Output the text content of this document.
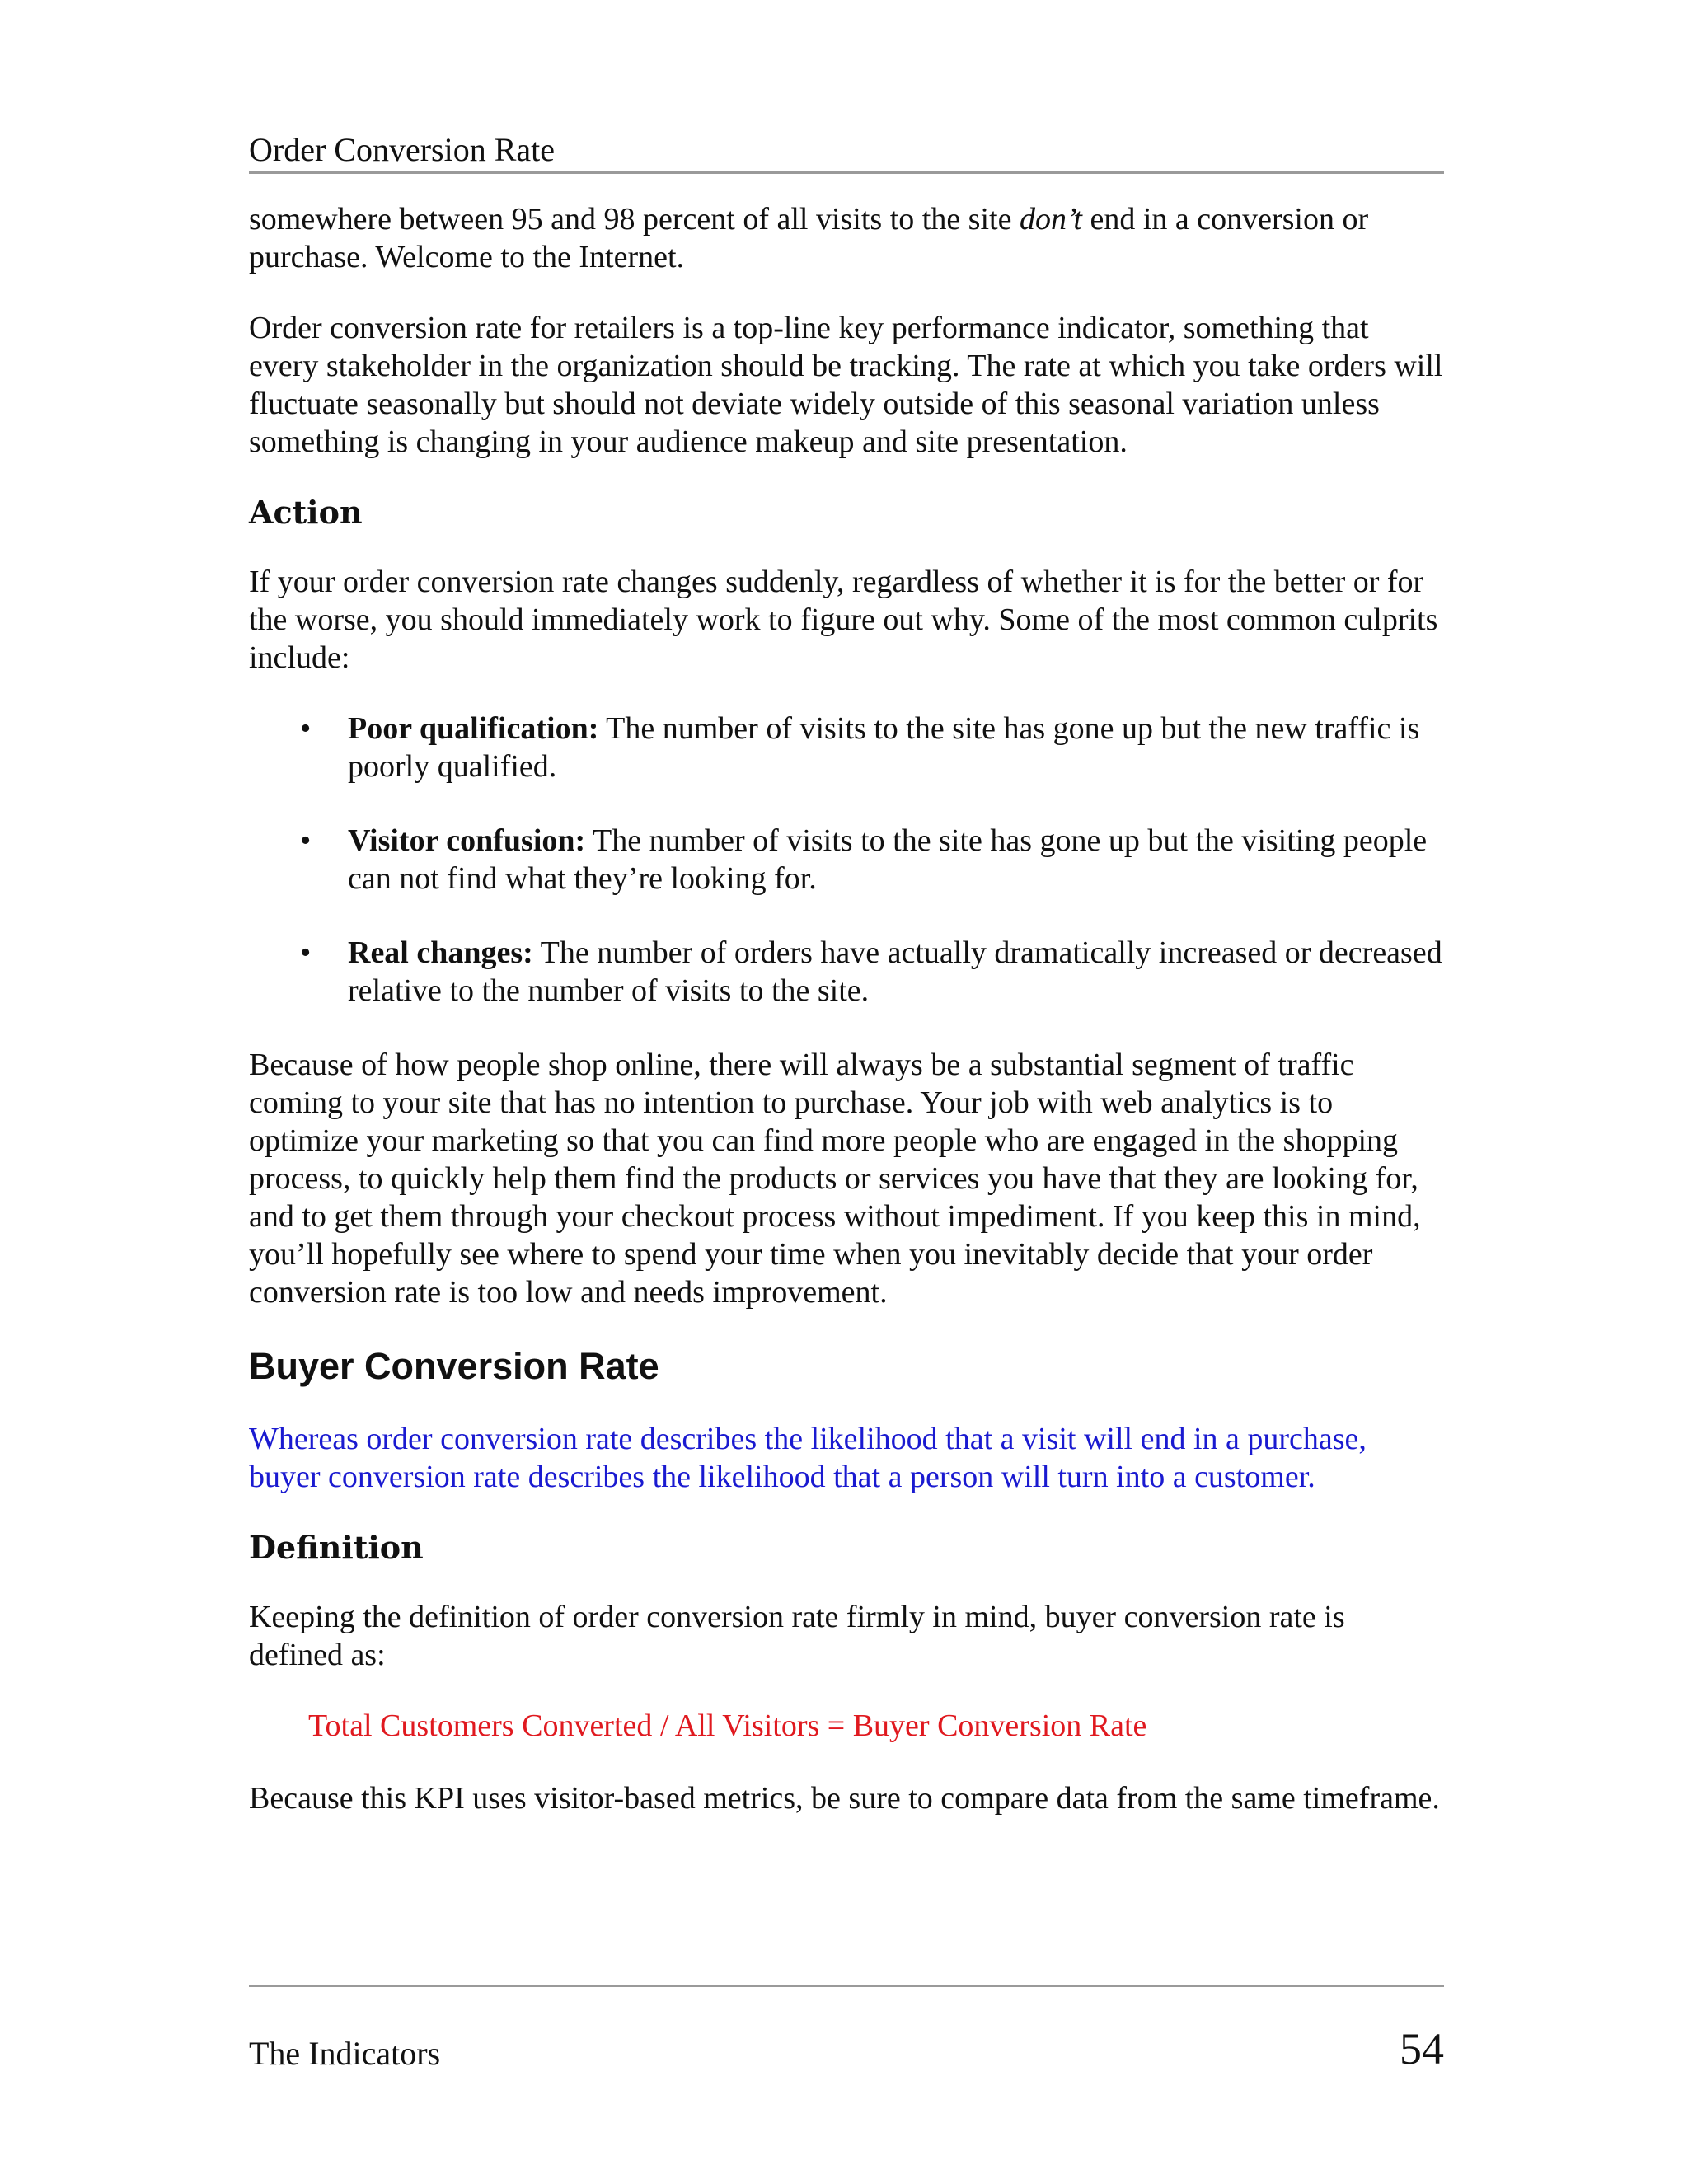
Order Conversion Rate

somewhere between 95 and 98 percent of all visits to the site don’t end in a conversion or purchase. Welcome to the Internet.

Order conversion rate for retailers is a top-line key performance indicator, something that every stakeholder in the organization should be tracking. The rate at which you take orders will fluctuate seasonally but should not deviate widely outside of this seasonal variation unless something is changing in your audience makeup and site presentation.

Action

If your order conversion rate changes suddenly, regardless of whether it is for the better or for the worse, you should immediately work to figure out why. Some of the most common culprits include:

• Poor qualification: The number of visits to the site has gone up but the new traffic is poorly qualified.
• Visitor confusion: The number of visits to the site has gone up but the visiting people can not find what they’re looking for.
• Real changes: The number of orders have actually dramatically increased or decreased relative to the number of visits to the site.

Because of how people shop online, there will always be a substantial segment of traffic coming to your site that has no intention to purchase. Your job with web analytics is to optimize your marketing so that you can find more people who are engaged in the shopping process, to quickly help them find the products or services you have that they are looking for, and to get them through your checkout process without impediment. If you keep this in mind, you’ll hopefully see where to spend your time when you inevitably decide that your order conversion rate is too low and needs improvement.

Buyer Conversion Rate

Whereas order conversion rate describes the likelihood that a visit will end in a purchase, buyer conversion rate describes the likelihood that a person will turn into a customer.

Definition

Keeping the definition of order conversion rate firmly in mind, buyer conversion rate is defined as:

Total Customers Converted / All Visitors = Buyer Conversion Rate

Because this KPI uses visitor-based metrics, be sure to compare data from the same timeframe.

The Indicators	54
